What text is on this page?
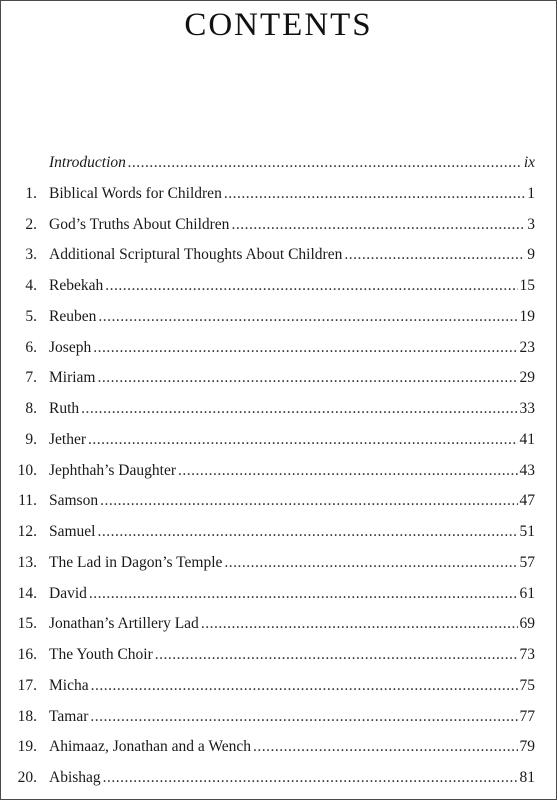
CONTENTS
Introduction .....	ix
1. Biblical Words for Children .....	1
2. God’s Truths About Children .....	3
3. Additional Scriptural Thoughts About Children .....	9
4. Rebekah .....	15
5. Reuben .....	19
6. Joseph .....	23
7. Miriam .....	29
8. Ruth .....	33
9. Jether .....	41
10. Jephthah’s Daughter .....	43
11. Samson .....	47
12. Samuel .....	51
13. The Lad in Dagon’s Temple .....	57
14. David .....	61
15. Jonathan’s Artillery Lad .....	69
16. The Youth Choir .....	73
17. Micha .....	75
18. Tamar .....	77
19. Ahimaaz, Jonathan and a Wench .....	79
20. Abishag .....	81
